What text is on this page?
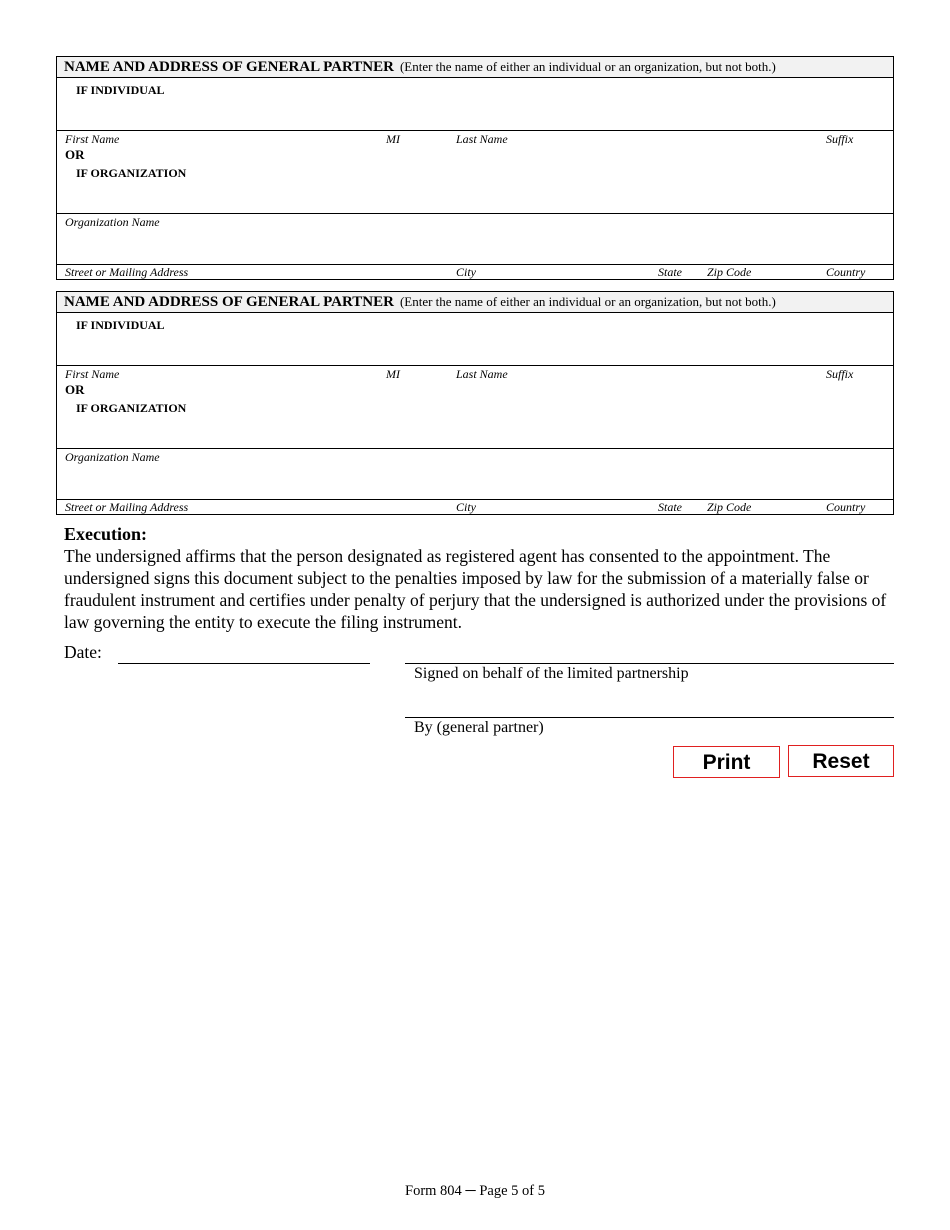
NAME AND ADDRESS OF GENERAL PARTNER (Enter the name of either an individual or an organization, but not both.)
IF INDIVIDUAL
First Name	MI	Last Name	Suffix
OR
IF ORGANIZATION
Organization Name
Street or Mailing Address	City	State Zip Code	Country
NAME AND ADDRESS OF GENERAL PARTNER (Enter the name of either an individual or an organization, but not both.)
IF INDIVIDUAL
First Name	MI	Last Name	Suffix
OR
IF ORGANIZATION
Organization Name
Street or Mailing Address	City	State Zip Code	Country
Execution:
The undersigned affirms that the person designated as registered agent has consented to the appointment. The undersigned signs this document subject to the penalties imposed by law for the submission of a materially false or fraudulent instrument and certifies under penalty of perjury that the undersigned is authorized under the provisions of law governing the entity to execute the filing instrument.
Date:
Signed on behalf of the limited partnership
By (general partner)
Print	Reset
Form 804 ─ Page 5 of 5
